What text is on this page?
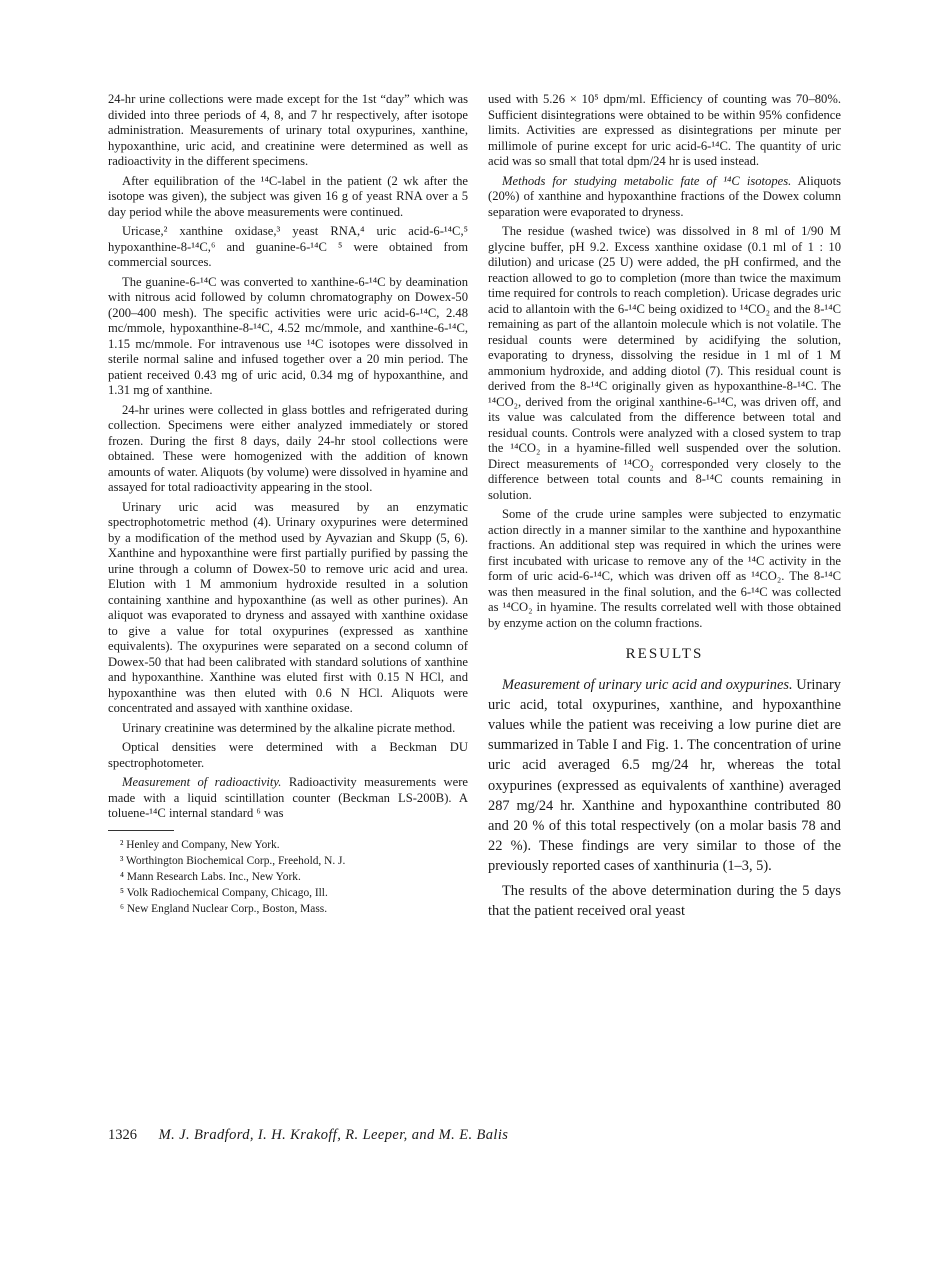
24-hr urine collections were made except for the 1st “day” which was divided into three periods of 4, 8, and 7 hr respectively, after isotope administration. Measurements of urinary total oxypurines, xanthine, hypoxanthine, uric acid, and creatinine were determined as well as radioactivity in the different specimens.

After equilibration of the ¹⁴C-label in the patient (2 wk after the isotope was given), the subject was given 16 g of yeast RNA over a 5 day period while the above measurements were continued.

Uricase,² xanthine oxidase,³ yeast RNA,⁴ uric acid-6-¹⁴C,⁵ hypoxanthine-8-¹⁴C,⁶ and guanine-6-¹⁴C ⁵ were obtained from commercial sources.

The guanine-6-¹⁴C was converted to xanthine-6-¹⁴C by deamination with nitrous acid followed by column chromatography on Dowex-50 (200–400 mesh). The specific activities were uric acid-6-¹⁴C, 2.48 mc/mmole, hypoxanthine-8-¹⁴C, 4.52 mc/mmole, and xanthine-6-¹⁴C, 1.15 mc/mmole. For intravenous use ¹⁴C isotopes were dissolved in sterile normal saline and infused together over a 20 min period. The patient received 0.43 mg of uric acid, 0.34 mg of hypoxanthine, and 1.31 mg of xanthine.

24-hr urines were collected in glass bottles and refrigerated during collection. Specimens were either analyzed immediately or stored frozen. During the first 8 days, daily 24-hr stool collections were obtained. These were homogenized with the addition of known amounts of water. Aliquots (by volume) were dissolved in hyamine and assayed for total radioactivity appearing in the stool.

Urinary uric acid was measured by an enzymatic spectrophotometric method (4). Urinary oxypurines were determined by a modification of the method used by Ayvazian and Skupp (5, 6). Xanthine and hypoxanthine were first partially purified by passing the urine through a column of Dowex-50 to remove uric acid and urea. Elution with 1 M ammonium hydroxide resulted in a solution containing xanthine and hypoxanthine (as well as other purines). An aliquot was evaporated to dryness and assayed with xanthine oxidase to give a value for total oxypurines (expressed as xanthine equivalents). The oxypurines were separated on a second column of Dowex-50 that had been calibrated with standard solutions of xanthine and hypoxanthine. Xanthine was eluted first with 0.15 N HCl, and hypoxanthine was then eluted with 0.6 N HCl. Aliquots were concentrated and assayed with xanthine oxidase.

Urinary creatinine was determined by the alkaline picrate method.

Optical densities were determined with a Beckman DU spectrophotometer.

Measurement of radioactivity. Radioactivity measurements were made with a liquid scintillation counter (Beckman LS-200B). A toluene-¹⁴C internal standard ⁶ was

² Henley and Company, New York.

³ Worthington Biochemical Corp., Freehold, N. J.

⁴ Mann Research Labs. Inc., New York.

⁵ Volk Radiochemical Company, Chicago, Ill.

⁶ New England Nuclear Corp., Boston, Mass.

used with 5.26 × 10⁵ dpm/ml. Efficiency of counting was 70–80%. Sufficient disintegrations were obtained to be within 95% confidence limits. Activities are expressed as disintegrations per minute per millimole of purine except for uric acid-6-¹⁴C. The quantity of uric acid was so small that total dpm/24 hr is used instead.

Methods for studying metabolic fate of ¹⁴C isotopes. Aliquots (20%) of xanthine and hypoxanthine fractions of the Dowex column separation were evaporated to dryness.

The residue (washed twice) was dissolved in 8 ml of 1/90 M glycine buffer, pH 9.2. Excess xanthine oxidase (0.1 ml of 1 : 10 dilution) and uricase (25 U) were added, the pH confirmed, and the reaction allowed to go to completion (more than twice the maximum time required for controls to reach completion). Uricase degrades uric acid to allantoin with the 6-¹⁴C being oxidized to ¹⁴CO₂ and the 8-¹⁴C remaining as part of the allantoin molecule which is not volatile. The residual counts were determined by acidifying the solution, evaporating to dryness, dissolving the residue in 1 ml of 1 M ammonium hydroxide, and adding diotol (7). This residual count is derived from the 8-¹⁴C originally given as hypoxanthine-8-¹⁴C. The ¹⁴CO₂, derived from the original xanthine-6-¹⁴C, was driven off, and its value was calculated from the difference between total and residual counts. Controls were analyzed with a closed system to trap the ¹⁴CO₂ in a hyamine-filled well suspended over the solution. Direct measurements of ¹⁴CO₂ corresponded very closely to the difference between total counts and 8-¹⁴C counts remaining in solution.

Some of the crude urine samples were subjected to enzymatic action directly in a manner similar to the xanthine and hypoxanthine fractions. An additional step was required in which the urines were first incubated with uricase to remove any of the ¹⁴C activity in the form of uric acid-6-¹⁴C, which was driven off as ¹⁴CO₂. The 8-¹⁴C was then measured in the final solution, and the 6-¹⁴C was collected as ¹⁴CO₂ in hyamine. The results correlated well with those obtained by enzyme action on the column fractions.

RESULTS

Measurement of urinary uric acid and oxypurines. Urinary uric acid, total oxypurines, xanthine, and hypoxanthine values while the patient was receiving a low purine diet are summarized in Table I and Fig. 1. The concentration of urine uric acid averaged 6.5 mg/24 hr, whereas the total oxypurines (expressed as equivalents of xanthine) averaged 287 mg/24 hr. Xanthine and hypoxanthine contributed 80 and 20 % of this total respectively (on a molar basis 78 and 22 %). These findings are very similar to those of the previously reported cases of xanthinuria (1–3, 5).

The results of the above determination during the 5 days that the patient received oral yeast

1326 M. J. Bradford, I. H. Krakoff, R. Leeper, and M. E. Balis
